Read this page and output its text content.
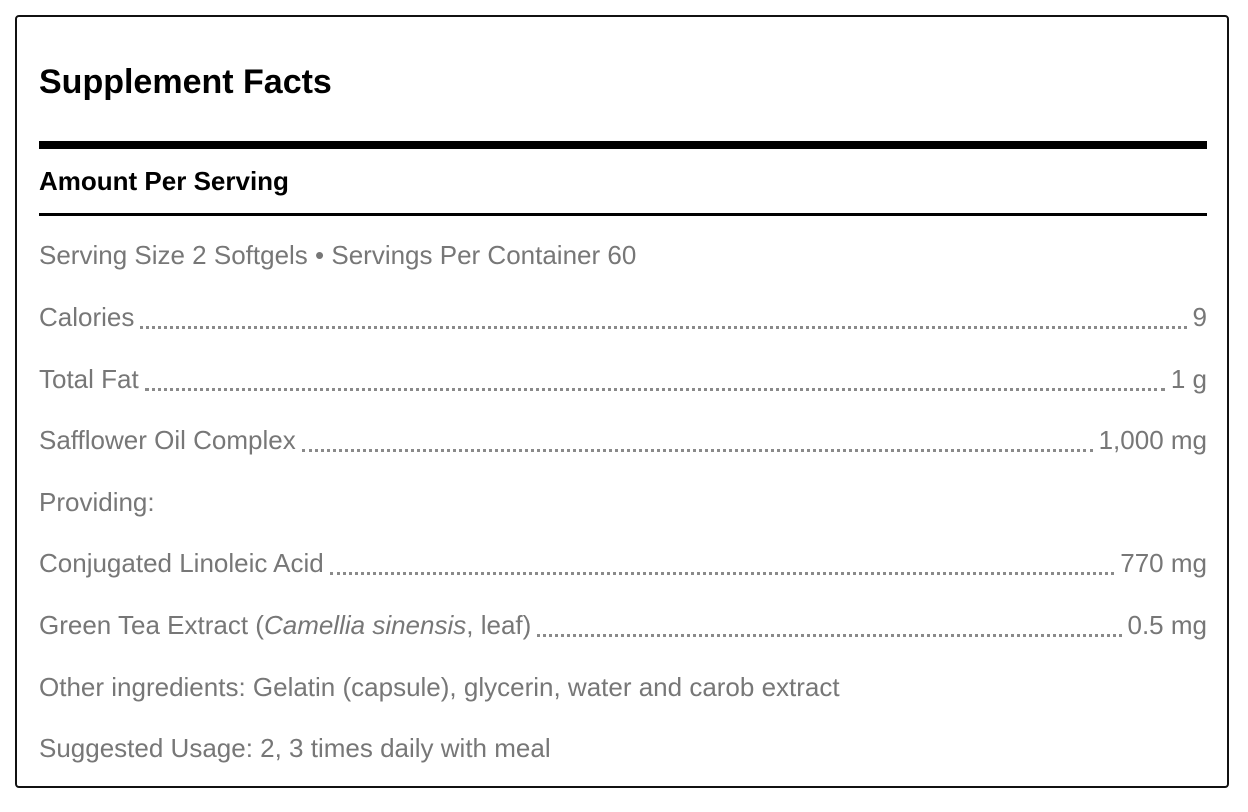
Supplement Facts
Amount Per Serving
Serving Size 2 Softgels • Servings Per Container 60
Calories	9
Total Fat	1 g
Safflower Oil Complex	1,000 mg
Providing:
Conjugated Linoleic Acid	770 mg
Green Tea Extract (Camellia sinensis, leaf)	0.5 mg
Other ingredients: Gelatin (capsule), glycerin, water and carob extract
Suggested Usage: 2, 3 times daily with meal
